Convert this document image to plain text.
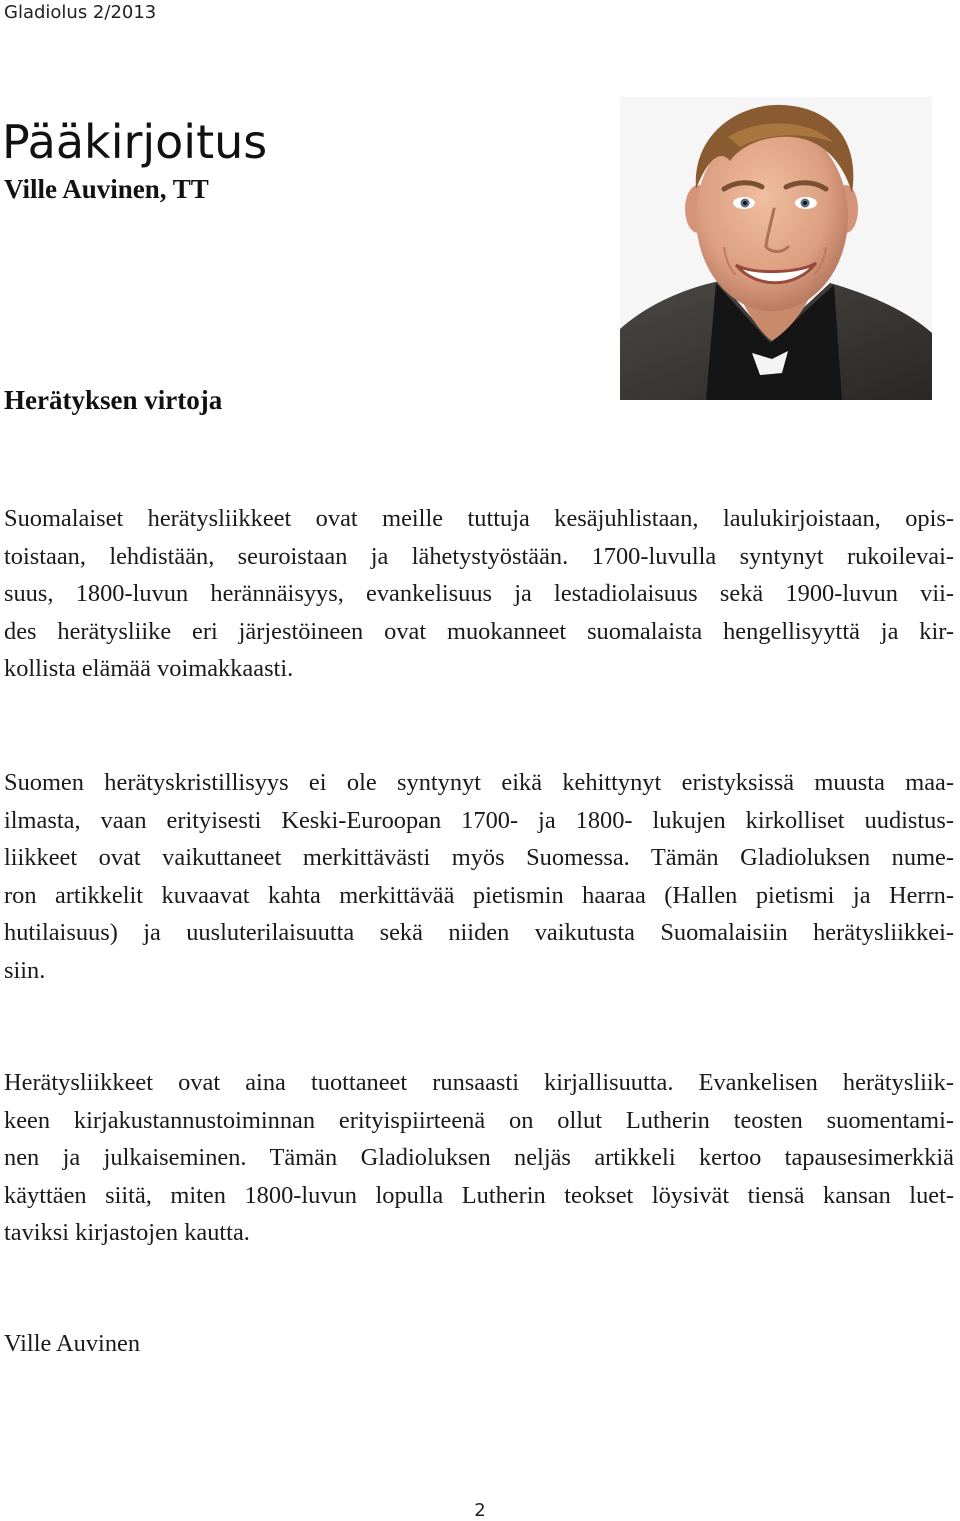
Gladiolus 2/2013
Pääkirjoitus
Ville Auvinen, TT
Herätyksen virtoja

Suomalaiset herätysliikkeet ovat meille tuttuja kesäjuhlistaan, laulukirjoistaan, opis-
toistaan, lehdistään, seuroistaan ja lähetystyöstään. 1700-luvulla syntynyt rukoilevai-
suus, 1800-luvun herännäisyys, evankelisuus ja lestadiolaisuus sekä 1900-luvun vii-
des herätysliike eri järjestöineen ovat muokanneet suomalaista hengellisyyttä ja kir-
kollista elämää voimakkaasti.

Suomen herätyskristillisyys ei ole syntynyt eikä kehittynyt eristyksissä muusta maa-
ilmasta, vaan erityisesti Keski-Euroopan 1700- ja 1800- lukujen kirkolliset uudistus-
liikkeet ovat vaikuttaneet merkittävästi myös Suomessa. Tämän Gladioluksen nume-
ron artikkelit kuvaavat kahta merkittävää pietismin haaraa (Hallen pietismi ja Herrn-
hutilaisuus) ja uusluterilaisuutta sekä niiden vaikutusta Suomalaisiin herätysliikkei-
siin.

Herätysliikkeet ovat aina tuottaneet runsaasti kirjallisuutta. Evankelisen herätysliik-
keen kirjakustannustoiminnan erityispiirteenä on ollut Lutherin teosten suomentami-
nen ja julkaiseminen. Tämän Gladioluksen neljäs artikkeli kertoo tapausesimerkkiä
käyttäen siitä, miten 1800-luvun lopulla Lutherin teokset löysivät tiensä kansan luet-
taviksi kirjastojen kautta.

Ville Auvinen
2
